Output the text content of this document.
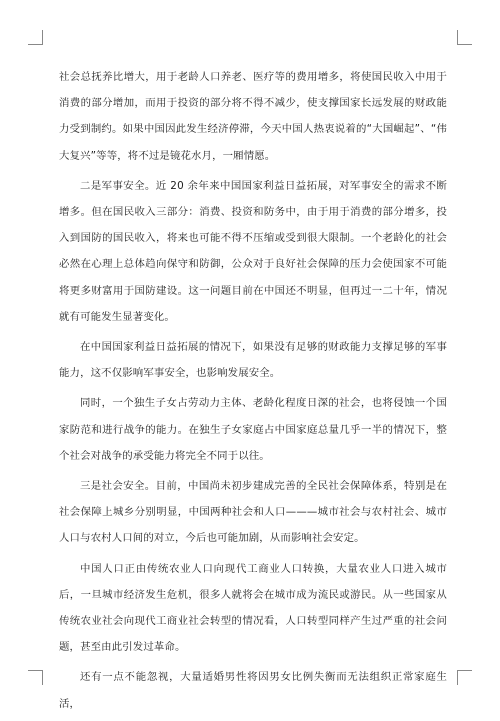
社会总抚养比增大，用于老龄人口养老、医疗等的费用增多，将使国民收入中用于消费的部分增加，而用于投资的部分将不得不减少，使支撑国家长远发展的财政能力受到制约。如果中国因此发生经济停滞，今天中国人热衷说着的“大国崛起”、“伟大复兴”等等，将不过是镜花水月，一厢情愿。

二是军事安全。近 20 余年来中国国家利益日益拓展，对军事安全的需求不断增多。但在国民收入三部分：消费、投资和防务中，由于用于消费的部分增多，投入到国防的国民收入，将来也可能不得不压缩或受到很大限制。一个老龄化的社会必然在心理上总体趋向保守和防御，公众对于良好社会保障的压力会使国家不可能将更多财富用于国防建设。这一问题目前在中国还不明显，但再过一二十年，情况就有可能发生显著变化。

在中国国家利益日益拓展的情况下，如果没有足够的财政能力支撑足够的军事能力，这不仅影响军事安全，也影响发展安全。

同时，一个独生子女占劳动力主体、老龄化程度日深的社会，也将侵蚀一个国家防范和进行战争的能力。在独生子女家庭占中国家庭总量几乎一半的情况下，整个社会对战争的承受能力将完全不同于以往。

三是社会安全。目前，中国尚未初步建成完善的全民社会保障体系，特别是在社会保障上城乡分别明显，中国两种社会和人口———城市社会与农村社会、城市人口与农村人口间的对立，今后也可能加剧，从而影响社会安定。

中国人口正由传统农业人口向现代工商业人口转换，大量农业人口进入城市后，一旦城市经济发生危机，很多人就将会在城市成为流民或游民。从一些国家从传统农业社会向现代工商业社会转型的情况看，人口转型同样产生过严重的社会问题，甚至由此引发过革命。

还有一点不能忽视，大量适婚男性将因男女比例失衡而无法组织正常家庭生活，
